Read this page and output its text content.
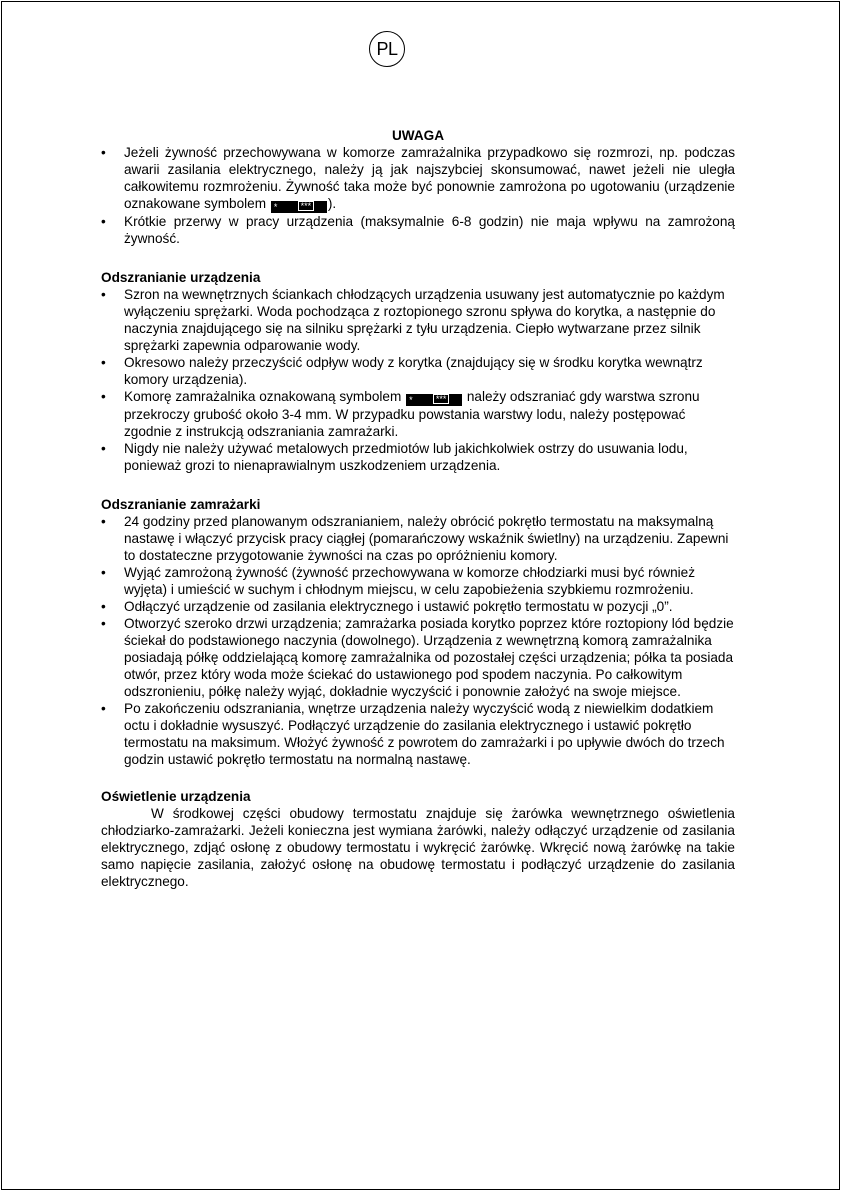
PL

UWAGA

•	Jeżeli żywność przechowywana w komorze zamrażalnika przypadkowo się rozmrozi, np. podczas awarii zasilania elektrycznego, należy ją jak najszybciej skonsumować, nawet jeżeli nie uległa całkowitemu rozmrożeniu. Żywność taka może być ponownie zamrożona po ugotowaniu (urządzenie oznakowane symbolem *	*** ).
•	Krótkie przerwy w pracy urządzenia (maksymalnie 6-8 godzin) nie maja wpływu na zamrożoną żywność.

Odszranianie urządzenia

•	Szron na wewnętrznych ściankach chłodzących urządzenia usuwany jest automatycznie po każdym wyłączeniu sprężarki. Woda pochodząca z roztopionego szronu spływa do korytka, a następnie do naczynia znajdującego się na silniku sprężarki z tyłu urządzenia. Ciepło wytwarzane przez silnik sprężarki zapewnia odparowanie wody.
•	Okresowo należy przeczyścić odpływ wody z korytka (znajdujący się w środku korytka wewnątrz komory urządzenia).
•	Komorę zamrażalnika oznakowaną symbolem *	*** należy odszraniać gdy warstwa szronu przekroczy grubość około 3-4 mm. W przypadku powstania warstwy lodu, należy postępować zgodnie z instrukcją odszraniania zamrażarki.
•	Nigdy nie należy używać metalowych przedmiotów lub jakichkolwiek ostrzy do usuwania lodu, ponieważ grozi to nienaprawialnym uszkodzeniem urządzenia.

Odszranianie zamrażarki

•	24 godziny przed planowanym odszranianiem, należy obrócić pokrętło termostatu na maksymalną nastawę i włączyć przycisk pracy ciągłej (pomarańczowy wskaźnik świetlny) na urządzeniu. Zapewni to dostateczne przygotowanie żywności na czas po opróżnieniu komory.
•	Wyjąć zamrożoną żywność (żywność przechowywana w komorze chłodziarki musi być również wyjęta) i umieścić w suchym i chłodnym miejscu, w celu zapobieżenia szybkiemu rozmrożeniu.
•	Odłączyć urządzenie od zasilania elektrycznego i ustawić pokrętło termostatu w pozycji „0”.
•	Otworzyć szeroko drzwi urządzenia; zamrażarka posiada korytko poprzez które roztopiony lód będzie ściekał do podstawionego naczynia (dowolnego). Urządzenia z wewnętrzną komorą zamrażalnika posiadają półkę oddzielającą komorę zamrażalnika od pozostałej części urządzenia; półka ta posiada otwór, przez który woda może ściekać do ustawionego pod spodem naczynia. Po całkowitym odszronieniu, półkę należy wyjąć, dokładnie wyczyścić i ponownie założyć na swoje miejsce.
•	Po zakończeniu odszraniania, wnętrze urządzenia należy wyczyścić wodą z niewielkim dodatkiem octu i dokładnie wysuszyć. Podłączyć urządzenie do zasilania elektrycznego i ustawić pokrętło termostatu na maksimum. Włożyć żywność z powrotem do zamrażarki i po upływie dwóch do trzech godzin ustawić pokrętło termostatu na normalną nastawę.

Oświetlenie urządzenia

W środkowej części obudowy termostatu znajduje się żarówka wewnętrznego oświetlenia chłodziarko-zamrażarki. Jeżeli konieczna jest wymiana żarówki, należy odłączyć urządzenie od zasilania elektrycznego, zdjąć osłonę z obudowy termostatu i wykręcić żarówkę. Wkręcić nową żarówkę na takie samo napięcie zasilania, założyć osłonę na obudowę termostatu i podłączyć urządzenie do zasilania elektrycznego.
